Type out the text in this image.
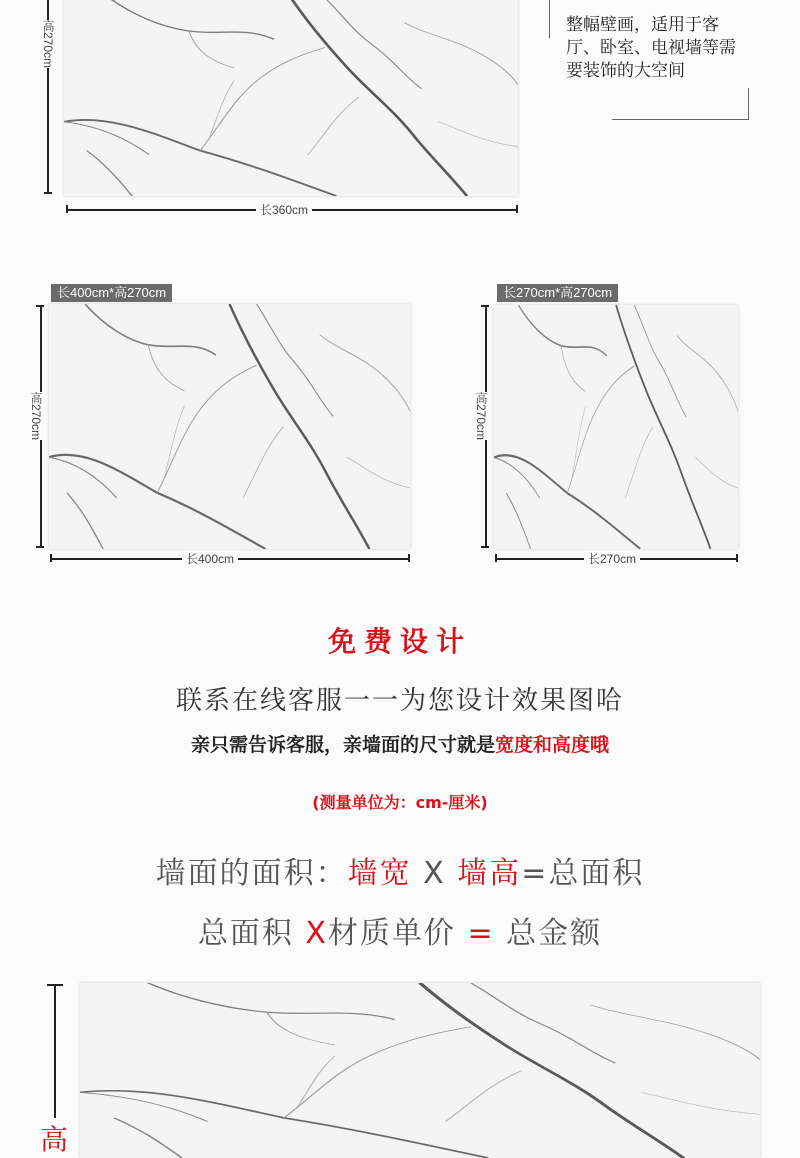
高270cm
长360cm
整幅壁画，适用于客厅、卧室、电视墙等需要装饰的大空间
长400cm*高270cm
高270cm
长400cm
长270cm*高270cm
高270cm
长270cm
免费设计
联系在线客服一一为您设计效果图哈
亲只需告诉客服，亲墙面的尺寸就是宽度和高度哦
(测量单位为：cm-厘米)
墙面的面积：墙宽 X 墙高=总面积
总面积 X材质单价 = 总金额
高
